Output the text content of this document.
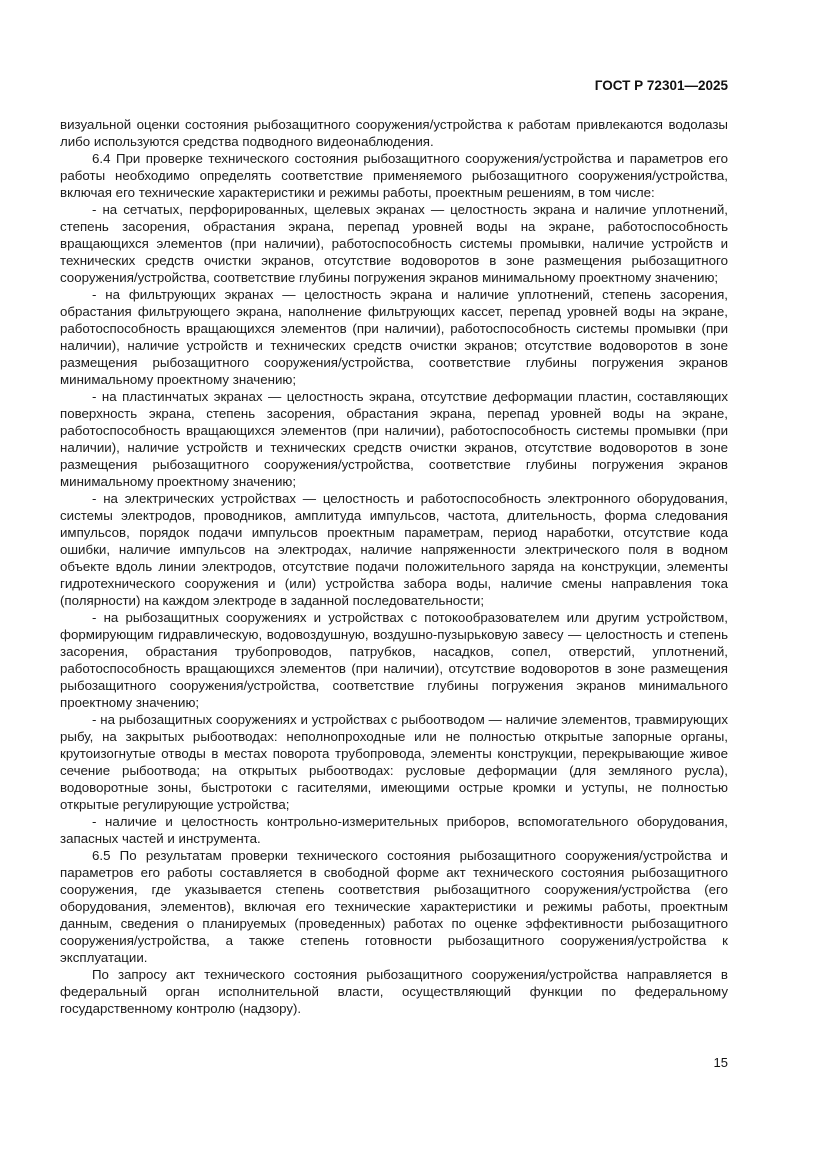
ГОСТ Р 72301—2025

визуальной оценки состояния рыбозащитного сооружения/устройства к работам привлекаются водолазы либо используются средства подводного видеонаблюдения.

6.4 При проверке технического состояния рыбозащитного сооружения/устройства и параметров его работы необходимо определять соответствие применяемого рыбозащитного сооружения/устройства, включая его технические характеристики и режимы работы, проектным решениям, в том числе:

- на сетчатых, перфорированных, щелевых экранах — целостность экрана и наличие уплотнений, степень засорения, обрастания экрана, перепад уровней воды на экране, работоспособность вращающихся элементов (при наличии), работоспособность системы промывки, наличие устройств и технических средств очистки экранов, отсутствие водоворотов в зоне размещения рыбозащитного сооружения/устройства, соответствие глубины погружения экранов минимальному проектному значению;

- на фильтрующих экранах — целостность экрана и наличие уплотнений, степень засорения, обрастания фильтрующего экрана, наполнение фильтрующих кассет, перепад уровней воды на экране, работоспособность вращающихся элементов (при наличии), работоспособность системы промывки (при наличии), наличие устройств и технических средств очистки экранов; отсутствие водоворотов в зоне размещения рыбозащитного сооружения/устройства, соответствие глубины погружения экранов минимальному проектному значению;

- на пластинчатых экранах — целостность экрана, отсутствие деформации пластин, составляющих поверхность экрана, степень засорения, обрастания экрана, перепад уровней воды на экране, работоспособность вращающихся элементов (при наличии), работоспособность системы промывки (при наличии), наличие устройств и технических средств очистки экранов, отсутствие водоворотов в зоне размещения рыбозащитного сооружения/устройства, соответствие глубины погружения экранов минимальному проектному значению;

- на электрических устройствах — целостность и работоспособность электронного оборудования, системы электродов, проводников, амплитуда импульсов, частота, длительность, форма следования импульсов, порядок подачи импульсов проектным параметрам, период наработки, отсутствие кода ошибки, наличие импульсов на электродах, наличие напряженности электрического поля в водном объекте вдоль линии электродов, отсутствие подачи положительного заряда на конструкции, элементы гидротехнического сооружения и (или) устройства забора воды, наличие смены направления тока (полярности) на каждом электроде в заданной последовательности;

- на рыбозащитных сооружениях и устройствах с потокообразователем или другим устройством, формирующим гидравлическую, водовоздушную, воздушно-пузырьковую завесу — целостность и степень засорения, обрастания трубопроводов, патрубков, насадков, сопел, отверстий, уплотнений, работоспособность вращающихся элементов (при наличии), отсутствие водоворотов в зоне размещения рыбозащитного сооружения/устройства, соответствие глубины погружения экранов минимального проектному значению;

- на рыбозащитных сооружениях и устройствах с рыбоотводом — наличие элементов, травмирующих рыбу, на закрытых рыбоотводах: неполнопроходные или не полностью открытые запорные органы, крутоизогнутые отводы в местах поворота трубопровода, элементы конструкции, перекрывающие живое сечение рыбоотвода; на открытых рыбоотводах: русловые деформации (для земляного русла), водоворотные зоны, быстротоки с гасителями, имеющими острые кромки и уступы, не полностью открытые регулирующие устройства;

- наличие и целостность контрольно-измерительных приборов, вспомогательного оборудования, запасных частей и инструмента.

6.5 По результатам проверки технического состояния рыбозащитного сооружения/устройства и параметров его работы составляется в свободной форме акт технического состояния рыбозащитного сооружения, где указывается степень соответствия рыбозащитного сооружения/устройства (его оборудования, элементов), включая его технические характеристики и режимы работы, проектным данным, сведения о планируемых (проведенных) работах по оценке эффективности рыбозащитного сооружения/устройства, а также степень готовности рыбозащитного сооружения/устройства к эксплуатации.

По запросу акт технического состояния рыбозащитного сооружения/устройства направляется в федеральный орган исполнительной власти, осуществляющий функции по федеральному государственному контролю (надзору).

15
